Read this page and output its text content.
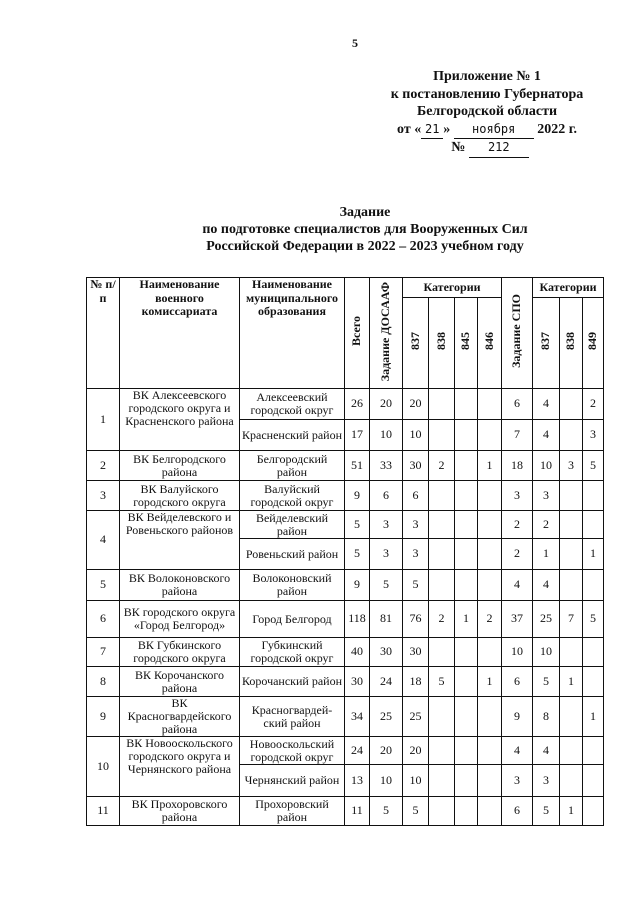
5
Приложение № 1
к постановлению Губернатора
Белгородской области
от « 21 » ноября 2022 г.
№ 212
Задание
по подготовке специалистов для Вооруженных Сил
Российской Федерации в 2022 – 2023 учебном году
№ п/п	Наименование военного комиссариата	Наименование муниципального образования	Всего	Задание ДОСААФ	Категории				Задание СПО	Категории		
					837	838	845	846		837	838	849
1	ВК Алексеевского городского округа и Красненского района	Алексеевский городской округ	26	20	20				6	4		2
		Красненский район	17	10	10				7	4		3
2	ВК Белгородского района	Белгородский район	51	33	30	2		1	18	10	3	5
3	ВК Валуйского городского округа	Валуйский городской округ	9	6	6				3	3		
4	ВК Вейделевского и Ровеньского районов	Вейделевский район	5	3	3				2	2		
		Ровеньский район	5	3	3				2	1		1
5	ВК Волоконовского района	Волоконовский район	9	5	5				4	4		
6	ВК городского округа «Город Белгород»	Город Белгород	118	81	76	2	1	2	37	25	7	5
7	ВК Губкинского городского округа	Губкинский городской округ	40	30	30				10	10		
8	ВК Корочанского района	Корочанский район	30	24	18	5		1	6	5	1	
9	ВК Красногвардейского района	Красногвардей-ский район	34	25	25				9	8		1
10	ВК Новооскольского городского округа и Чернянского района	Новооскольский городской округ	24	20	20				4	4		
		Чернянский район	13	10	10				3	3		
11	ВК Прохоровского района	Прохоровский район	11	5	5				6	5	1	
